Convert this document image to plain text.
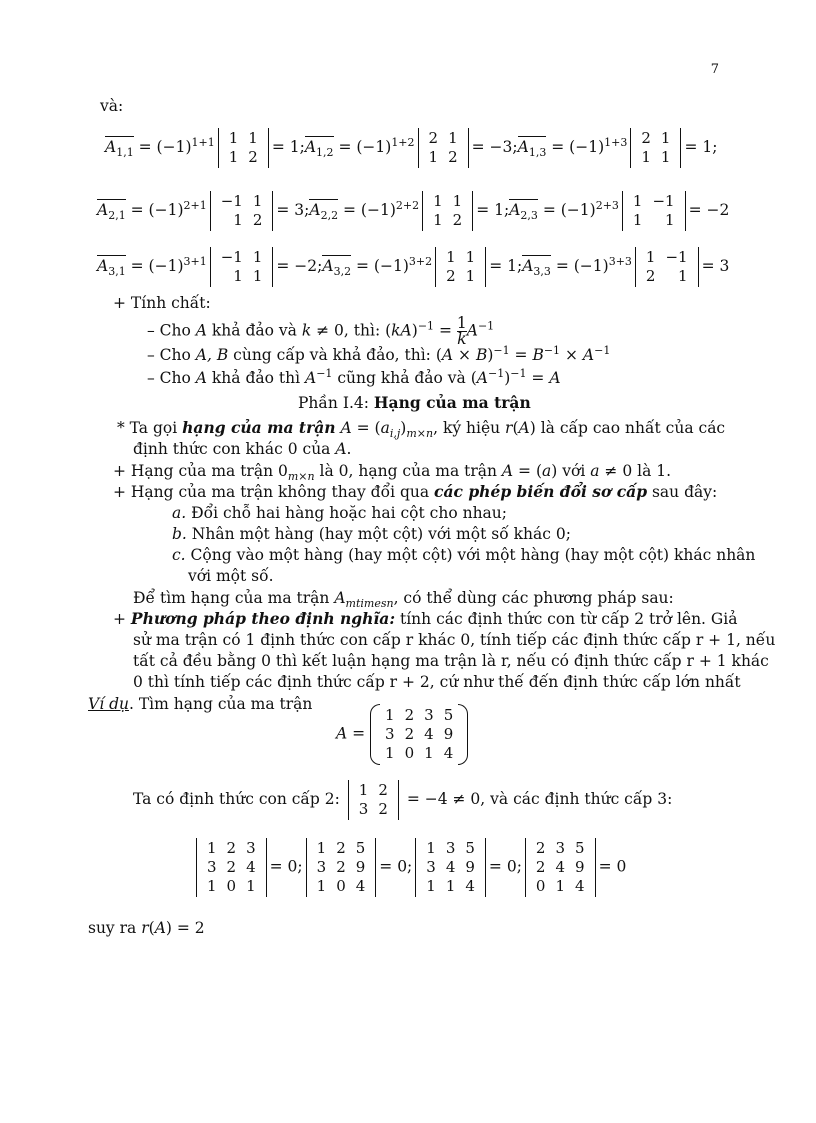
7
và:
$A_{1,1} = (-1)^{1+1}$ 1	1
1	2
= $1;A_{1,2} = (-1)^{1+2}$ 2	1
1	2
= $-3;A_{1,3} = (-1)^{1+3}$ 2	1
1	1
= 1;
$A_{2,1} = (-1)^{2+1} -1$	1
1	2
= $3;A_{2,2} = (-1)^{2+2}$ 1	1
1	2
= $1;A_{2,3} = (-1)^{2+3}$ 1	−1
1	1
= −2
$A_{3,1} = (-1)^{3+1} -1$	1
1	1
= $-2;A_{3,2} = (-1)^{3+2}$ 1	1
2	1
= $1;A_{3,3} = (-1)^{3+3}$ 1	−1
2	1
= 3
+ Tính chất:
– Cho A khả đảo và k ≠ 0, thì: $(kA)^{-1} = \frac{1}{k} A^{-1}$
– Cho A, B cùng cấp và khả đảo, thì: $(A \times B)^{-1} = B^{-1} \times A^{-1}$
– Cho A khả đảo thì $A^{-1}$ cũng khả đảo và $(A^{-1})^{-1} = A$
Phần I.4: Hạng của ma trận
* Ta gọi hạng của ma trận $A = (a_{i,j})_{m\times n}$, ký hiệu r(A) là cấp cao nhất của các
định thức con khác 0 của A.
+ Hạng của ma trận $0_{m\times n}$ là 0, hạng của ma trận A = (a) với a ≠ 0 là 1.
+ Hạng của ma trận không thay đổi qua các phép biến đổi sơ cấp sau đây:
a. Đổi chỗ hai hàng hoặc hai cột cho nhau;
b. Nhân một hàng (hay một cột) với một số khác 0;
c. Cộng vào một hàng (hay một cột) với một hàng (hay một cột) khác nhân
với một số.
Để tìm hạng của ma trận $A_{mtimesn}$, có thể dùng các phương pháp sau:
+ Phương pháp theo định nghĩa: tính các định thức con từ cấp 2 trở lên. Giả
sử ma trận có 1 định thức con cấp r khác 0, tính tiếp các định thức cấp r + 1, nếu
tất cả đều bằng 0 thì kết luận hạng ma trận là r, nếu có định thức cấp r + 1 khác
0 thì tính tiếp các định thức cấp r + 2, cứ như thế đến định thức cấp lớn nhất
Ví dụ. Tìm hạng của ma trận
A =
1	2	3	5
3	2	4	9
1	0	1	4
Ta có định thức con cấp 2: 1	2
3	2
= −4 ≠ 0, và các định thức cấp 3:
1	2	3
3	2	4
1	0	1
= 0;
1	2	5
3	2	9
1	0	4
= 0;
1	3	5
3	4	9
1	1	4
= 0;
2	3	5
2	4	9
0	1	4
= 0
suy ra r(A) = 2
